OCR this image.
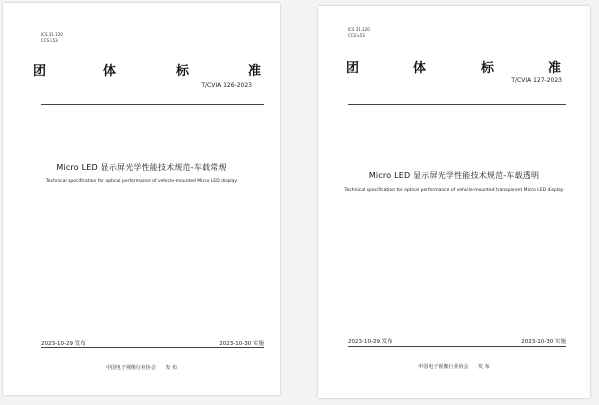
ICS 31.120
CCS L53
团	体	标	准
T/CVIA 126-2023
Micro LED 显示屏光学性能技术规范-车载常规
Technical specification for optical performance of vehicle-mounted Micro LED display
2023-10-29 发布	2023-10-30 实施
中国电子视像行业协会 发 布
ICS 31.120
CCS L53
团	体	标	准
T/CVIA 127-2023
Micro LED 显示屏光学性能技术规范-车载透明
Technical specification for optical performance of vehicle-mounted transparent Micro LED display
2023-10-29 发布	2023-10-30 实施
中国电子视像行业协会 发 布
